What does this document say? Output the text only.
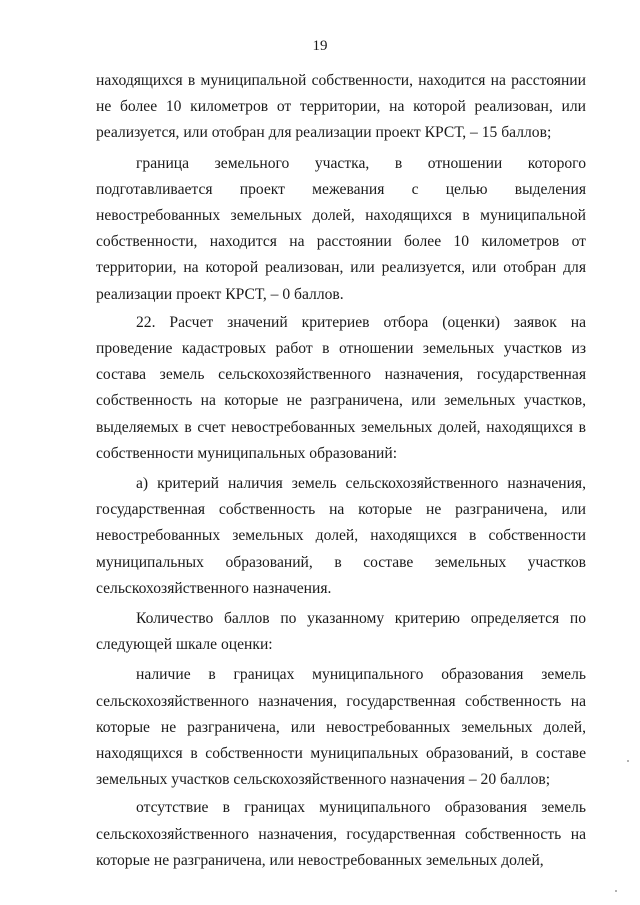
19

находящихся в муниципальной собственности, находится на расстоянии не более 10 километров от территории, на которой реализован, или реализуется, или отобран для реализации проект КРСТ, – 15 баллов;

граница земельного участка, в отношении которого подготавливается проект межевания с целью выделения невостребованных земельных долей, находящихся в муниципальной собственности, находится на расстоянии более 10 километров от территории, на которой реализован, или реализуется, или отобран для реализации проект КРСТ, – 0 баллов.

22. Расчет значений критериев отбора (оценки) заявок на проведение кадастровых работ в отношении земельных участков из состава земель сельскохозяйственного назначения, государственная собственность на которые не разграничена, или земельных участков, выделяемых в счет невостребованных земельных долей, находящихся в собственности муниципальных образований:

а) критерий наличия земель сельскохозяйственного назначения, государственная собственность на которые не разграничена, или невостребованных земельных долей, находящихся в собственности муниципальных образований, в составе земельных участков сельскохозяйственного назначения.

Количество баллов по указанному критерию определяется по следующей шкале оценки:

наличие в границах муниципального образования земель сельскохозяйственного назначения, государственная собственность на которые не разграничена, или невостребованных земельных долей, находящихся в собственности муниципальных образований, в составе земельных участков сельскохозяйственного назначения – 20 баллов;

отсутствие в границах муниципального образования земель сельскохозяйственного назначения, государственная собственность на которые не разграничена, или невостребованных земельных долей,
